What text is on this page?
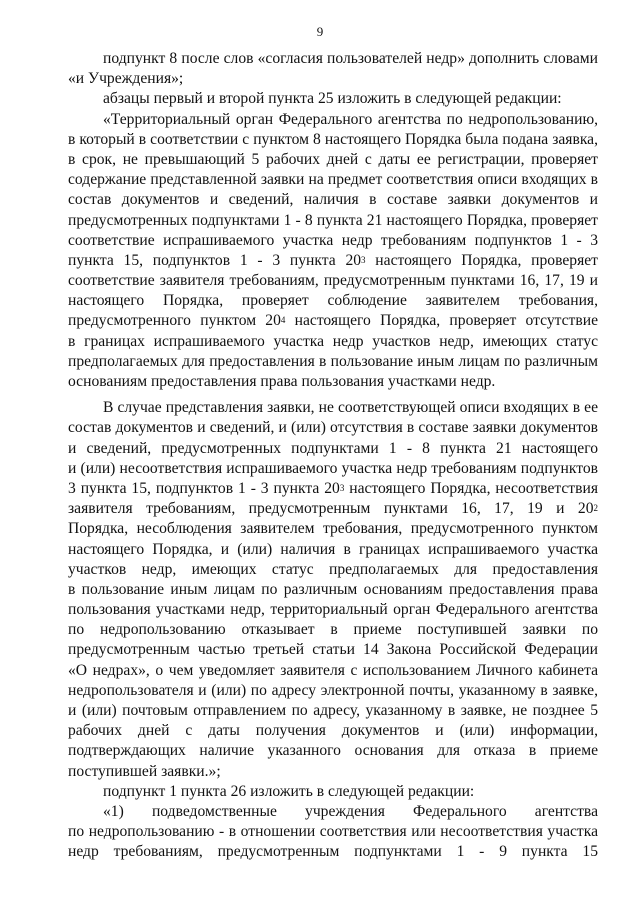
9
подпункт 8 после слов «согласия пользователей недр» дополнить словами
«и Учреждения»;
абзацы первый и второй пункта 25 изложить в следующей редакции:
«Территориальный орган Федерального агентства по недропользованию,
в который в соответствии с пунктом 8 настоящего Порядка была подана заявка,
в срок, не превышающий 5 рабочих дней с даты ее регистрации, проверяет
содержание представленной заявки на предмет соответствия описи входящих в
состав документов и сведений, наличия в составе заявки документов и
предусмотренных подпунктами 1 - 8 пункта 21 настоящего Порядка, проверяет
соответствие испрашиваемого участка недр требованиям подпунктов 1 - 3
пункта 15, подпунктов 1 - 3 пункта $20^3$ настоящего Порядка, проверяет
соответствие заявителя требованиям, предусмотренным пунктами 16, 17, 19 и
настоящего Порядка, проверяет соблюдение заявителем требования,
предусмотренного пунктом $20^4$ настоящего Порядка, проверяет отсутствие
в границах испрашиваемого участка недр участков недр, имеющих статус
предполагаемых для предоставления в пользование иным лицам по различным
основаниям предоставления права пользования участками недр.
В случае представления заявки, не соответствующей описи входящих в ее
состав документов и сведений, и (или) отсутствия в составе заявки документов
и сведений, предусмотренных подпунктами 1 - 8 пункта 21 настоящего
и (или) несоответствия испрашиваемого участка недр требованиям подпунктов
3 пункта 15, подпунктов 1 - 3 пункта $20^3$ настоящего Порядка, несоответствия
заявителя требованиям, предусмотренным пунктами 16, 17, 19 и $20^2$
Порядка, несоблюдения заявителем требования, предусмотренного пунктом
настоящего Порядка, и (или) наличия в границах испрашиваемого участка
участков недр, имеющих статус предполагаемых для предоставления
в пользование иным лицам по различным основаниям предоставления права
пользования участками недр, территориальный орган Федерального агентства
по недропользованию отказывает в приеме поступившей заявки по
предусмотренным частью третьей статьи 14 Закона Российской Федерации
«О недрах», о чем уведомляет заявителя с использованием Личного кабинета
недропользователя и (или) по адресу электронной почты, указанному в заявке,
и (или) почтовым отправлением по адресу, указанному в заявке, не позднее 5
рабочих дней с даты получения документов и (или) информации,
подтверждающих наличие указанного основания для отказа в приеме
поступившей заявки.»;
подпункт 1 пункта 26 изложить в следующей редакции:
«1) подведомственные учреждения Федерального агентства
по недропользованию - в отношении соответствия или несоответствия участка
недр требованиям, предусмотренным подпунктами 1 - 9 пункта 15
